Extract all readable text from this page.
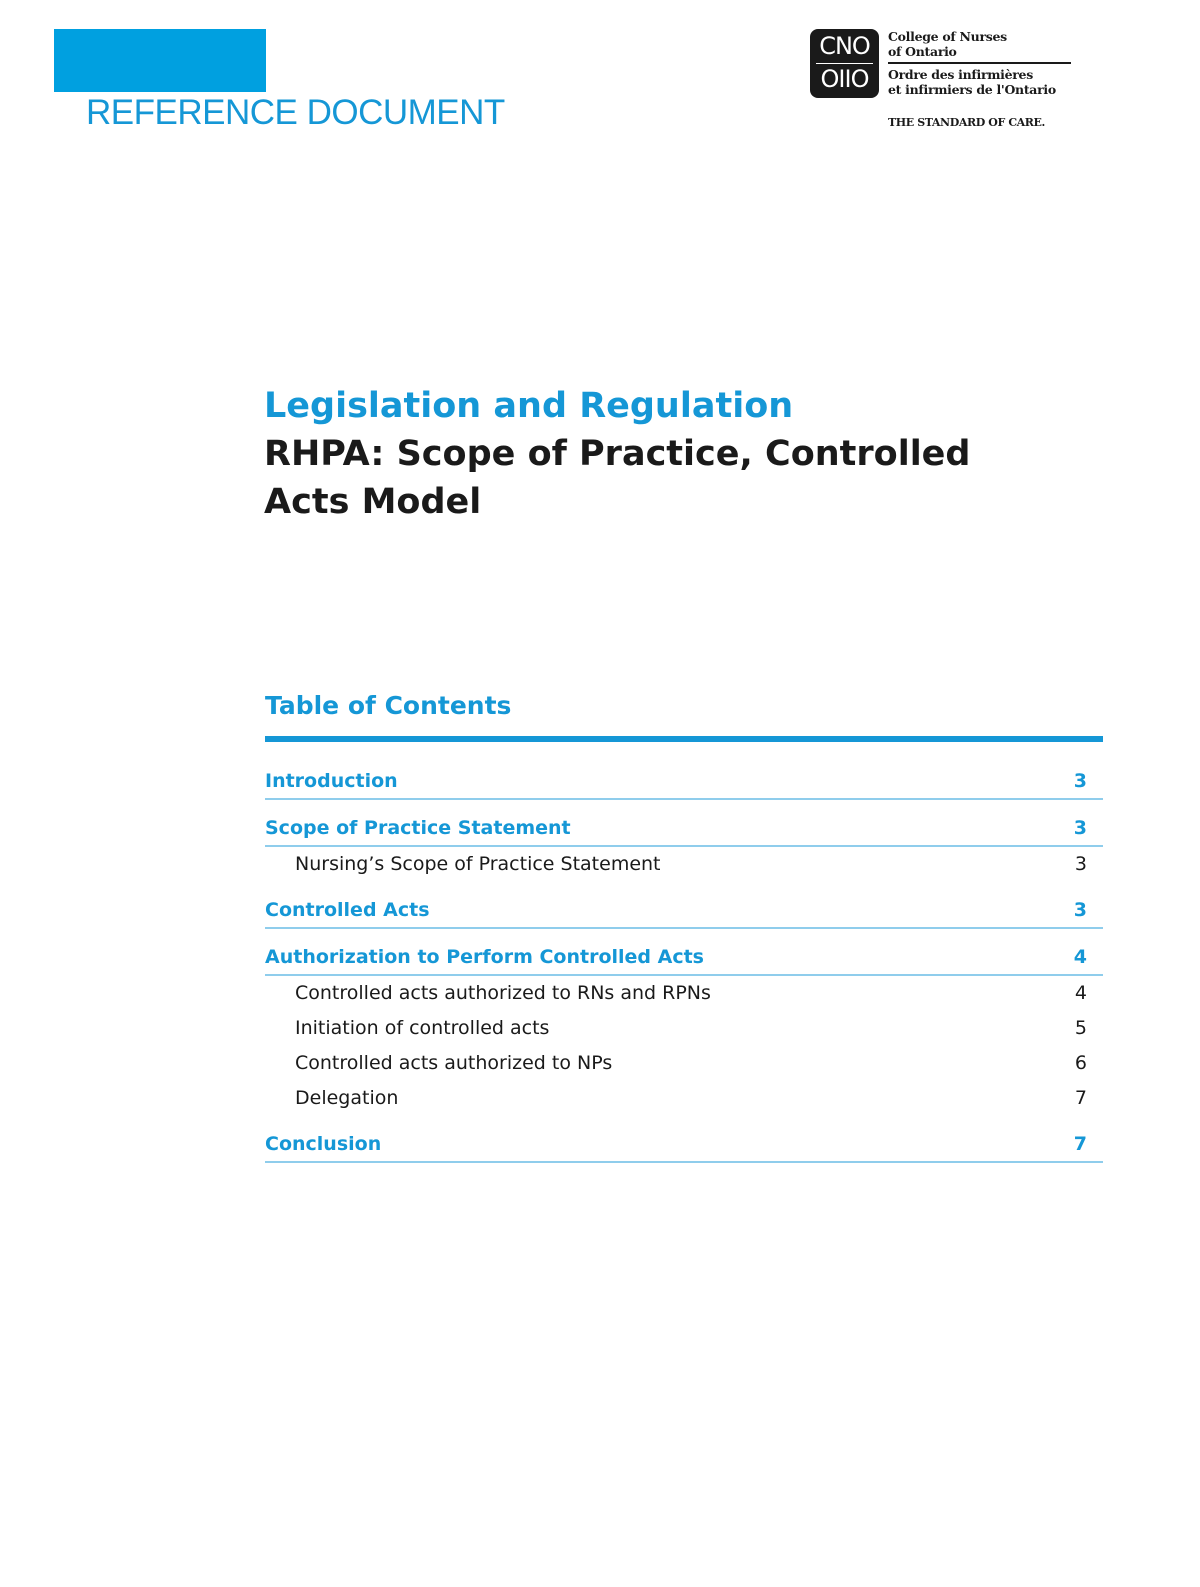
REFERENCE DOCUMENT
CNO
OIIO
College of Nurses
of Ontario
Ordre des infirmières
et infirmiers de l'Ontario
THE STANDARD OF CARE.
Legislation and Regulation
RHPA: Scope of Practice, Controlled Acts Model
Table of Contents
Introduction	3
Scope of Practice Statement	3
Nursing’s Scope of Practice Statement	3
Controlled Acts	3
Authorization to Perform Controlled Acts	4
Controlled acts authorized to RNs and RPNs	4
Initiation of controlled acts	5
Controlled acts authorized to NPs	6
Delegation	7
Conclusion	7
